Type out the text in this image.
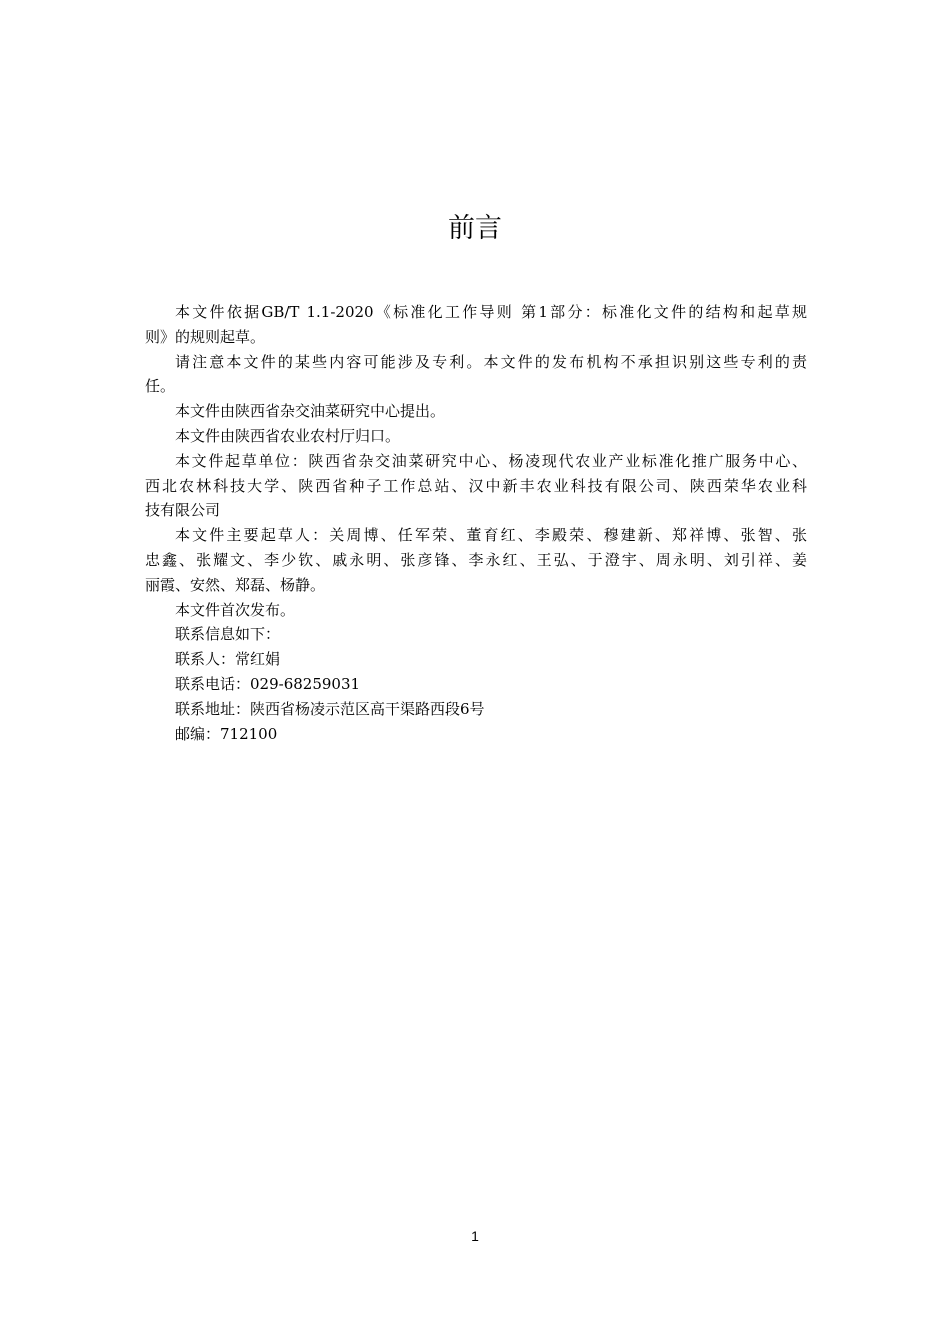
前言
本文件依据GB/T 1.1-2020《标准化工作导则 第1部分：标准化文件的结构和起草规
则》的规则起草。
请注意本文件的某些内容可能涉及专利。本文件的发布机构不承担识别这些专利的责
任。
本文件由陕西省杂交油菜研究中心提出。
本文件由陕西省农业农村厅归口。
本文件起草单位：陕西省杂交油菜研究中心、杨凌现代农业产业标准化推广服务中心、
西北农林科技大学、陕西省种子工作总站、汉中新丰农业科技有限公司、陕西荣华农业科
技有限公司
本文件主要起草人：关周博、任军荣、董育红、李殿荣、穆建新、郑祥博、张智、张
忠鑫、张耀文、李少钦、戚永明、张彦锋、李永红、王弘、于澄宇、周永明、刘引祥、姜
丽霞、安然、郑磊、杨静。
本文件首次发布。
联系信息如下：
联系人：常红娟
联系电话：029-68259031
联系地址：陕西省杨凌示范区高干渠路西段6号
邮编：712100
1
